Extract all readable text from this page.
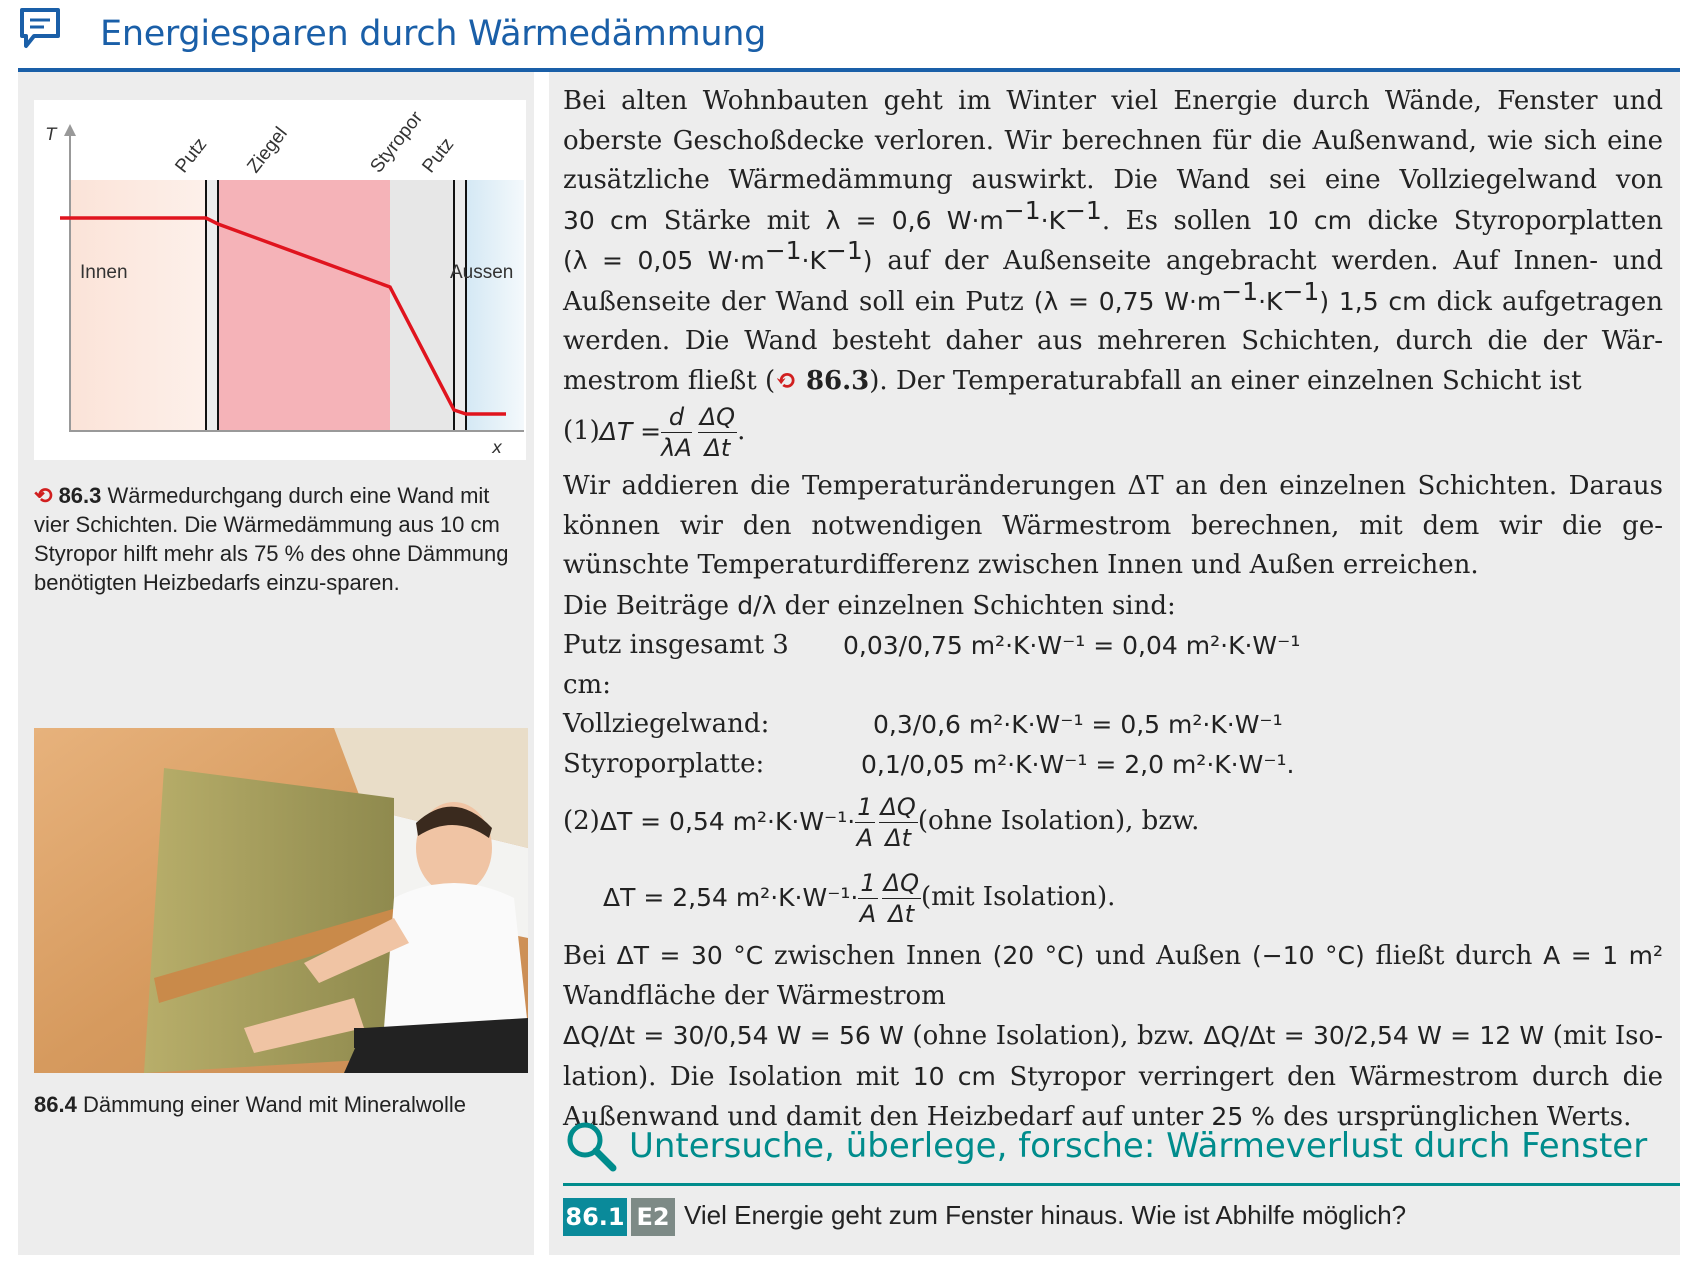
Energiesparen durch Wärmedämmung
T
x
Putz Ziegel	Styropor
Putz
Innen	Aussen
⟲ 86.3 Wärmedurchgang durch eine Wand mit vier Schichten. Die Wärmedämmung aus 10 cm Styropor hilft mehr als 75 % des ohne Dämmung benötigten Heizbedarfs einzu-sparen.
86.4 Dämmung einer Wand mit Mineralwolle
Bei alten Wohnbauten geht im Winter viel Energie durch Wände, Fenster und
oberste Geschoßdecke verloren. Wir berechnen für die Außenwand, wie sich eine
zusätzliche Wärmedämmung auswirkt. Die Wand sei eine Vollziegelwand von
30 cm Stärke mit λ = 0,6 $W\cdot m^{-1}\cdot K^{-1}$. Es sollen 10 cm dicke Styroporplatten
(λ = 0,05 $W\cdot m^{-1}\cdot K^{-1}$) auf der Außenseite angebracht werden. Auf Innen- und
Außenseite der Wand soll ein Putz (λ = 0,75 $W\cdot m^{-1}\cdot K^{-1}$) 1,5 cm dick aufgetragen
werden. Die Wand besteht daher aus mehreren Schichten, durch die der Wär-
mestrom fließt (⟲ 86.3). Der Temperaturabfall an einer einzelnen Schicht ist
(1) $\Delta T = \frac{d}{\lambda A} \frac{\Delta Q}{\Delta t}$ .
Wir addieren die Temperaturänderungen ΔT an den einzelnen Schichten. Daraus
können wir den notwendigen Wärmestrom berechnen, mit dem wir die ge-
wünschte Temperaturdifferenz zwischen Innen und Außen erreichen.
Die Beiträge d/λ der einzelnen Schichten sind:
Putz insgesamt 3 cm:
0,03/0,75 m²·K·W⁻¹ = 0,04 m²·K·W⁻¹
Vollziegelwand:	0,3/0,6 m²·K·W⁻¹ = 0,5 m²·K·W⁻¹
Styroporplatte:	0,1/0,05 m²·K·W⁻¹ = 2,0 m²·K·W⁻¹.
(2) ΔT = 0,54 $m^2\cdot K\cdot W^{-1}\cdot \frac{1}{A} \frac{\Delta Q}{\Delta t}$ (ohne Isolation), bzw.
ΔT = 2,54 $m^2\cdot K\cdot W^{-1}\cdot \frac{1}{A} \frac{\Delta Q}{\Delta t} (mit$ Isolation).
Bei ΔT = 30 °C zwischen Innen (20 °C) und Außen (−10 °C) fließt durch A = 1 m²
Wandfläche der Wärmestrom
ΔQ/Δt = 30/0,54 W = 56 W (ohne Isolation), bzw. ΔQ/Δt = 30/2,54 W = 12 W (mit Iso-
lation). Die Isolation mit 10 cm Styropor verringert den Wärmestrom durch die
Außenwand und damit den Heizbedarf auf unter 25 % des ursprünglichen Werts.
Untersuche, überlege, forsche: Wärmeverlust durch Fenster
86.1 E2 Viel Energie geht zum Fenster hinaus. Wie ist Abhilfe möglich?
